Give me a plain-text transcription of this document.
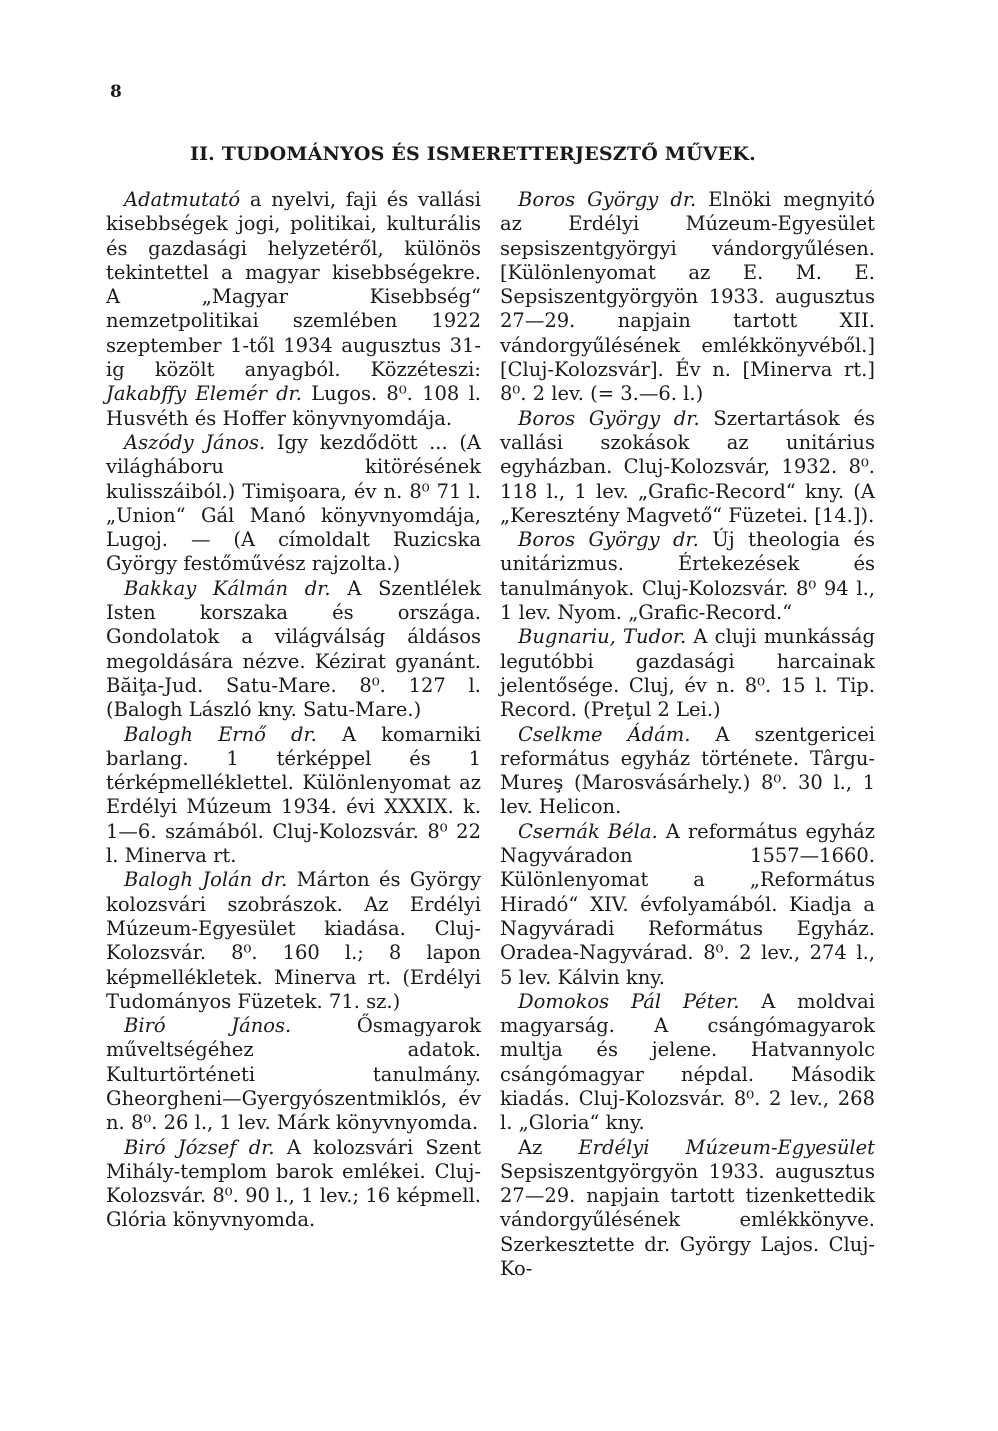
8
II. TUDOMÁNYOS ÉS ISMERETTERJESZTŐ MŰVEK.

Adatmutató a nyelvi, faji és vallási kisebbségek jogi, politikai, kulturális és gazdasági helyzetéről, különös tekintettel a magyar kisebbségekre. A „Magyar Kisebbség“ nemzetpolitikai szemlében 1922 szeptember 1-től 1934 augusztus 31-ig közölt anyagból. Közzéteszi: Jakabffy Elemér dr. Lugos. 8⁰. 108 l. Husvéth és Hoffer könyvnyomdája.

Aszódy János. Igy kezdődött ... (A világháboru kitörésének kulisszáiból.) Timişoara, év n. 8⁰ 71 l. „Union“ Gál Manó könyvnyomdája, Lugoj. — (A címoldalt Ruzicska György festőművész rajzolta.)

Bakkay Kálmán dr. A Szentlélek Isten korszaka és országa. Gondolatok a világválság áldásos megoldására nézve. Kézirat gyanánt. Băiţa-Jud. Satu-Mare. 8⁰. 127 l. (Balogh László kny. Satu-Mare.)

Balogh Ernő dr. A komarniki barlang. 1 térképpel és 1 térképmelléklettel. Különlenyomat az Erdélyi Múzeum 1934. évi XXXIX. k. 1—6. számából. Cluj-Kolozsvár. 8⁰ 22 l. Minerva rt.

Balogh Jolán dr. Márton és György kolozsvári szobrászok. Az Erdélyi Múzeum-Egyesület kiadása. Cluj-Kolozsvár. 8⁰. 160 l.; 8 lapon képmellékletek. Minerva rt. (Erdélyi Tudományos Füzetek. 71. sz.)

Biró János. Ősmagyarok műveltségéhez adatok. Kulturtörténeti tanulmány. Gheorgheni—Gyergyószentmiklós, év n. 8⁰. 26 l., 1 lev. Márk könyvnyomda.

Biró József dr. A kolozsvári Szent Mihály-templom barok emlékei. Cluj-Kolozsvár. 8⁰. 90 l., 1 lev.; 16 képmell. Glória könyvnyomda.

Boros György dr. Elnöki megnyitó az Erdélyi Múzeum-Egyesület sepsiszentgyörgyi vándorgyűlésen. [Különlenyomat az E. M. E. Sepsiszentgyörgyön 1933. augusztus 27—29. napjain tartott XII. vándorgyűlésének emlékkönyvéből.] [Cluj-Kolozsvár]. Év n. [Minerva rt.] 8⁰. 2 lev. (= 3.—6. l.)

Boros György dr. Szertartások és vallási szokások az unitárius egyházban. Cluj-Kolozsvár, 1932. 8⁰. 118 l., 1 lev. „Grafic-Record“ kny. (A „Keresztény Magvető“ Füzetei. [14.]).

Boros György dr. Új theologia és unitárizmus. Értekezések és tanulmányok. Cluj-Kolozsvár. 8⁰ 94 l., 1 lev. Nyom. „Grafic-Record.“

Bugnariu, Tudor. A cluji munkásság legutóbbi gazdasági harcainak jelentősége. Cluj, év n. 8⁰. 15 l. Tip. Record. (Preţul 2 Lei.)

Cselkme Ádám. A szentgericei református egyház története. Târgu-Mureş (Marosvásárhely.) 8⁰. 30 l., 1 lev. Helicon.

Csernák Béla. A református egyház Nagyváradon 1557—1660. Különlenyomat a „Református Hiradó“ XIV. évfolyamából. Kiadja a Nagyváradi Református Egyház. Oradea-Nagyvárad. 8⁰. 2 lev., 274 l., 5 lev. Kálvin kny.

Domokos Pál Péter. A moldvai magyarság. A csángómagyarok multja és jelene. Hatvannyolc csángómagyar népdal. Második kiadás. Cluj-Kolozsvár. 8⁰. 2 lev., 268 l. „Gloria“ kny.

Az Erdélyi Múzeum-Egyesület Sepsiszentgyörgyön 1933. augusztus 27—29. napjain tartott tizenkettedik vándorgyűlésének emlékkönyve. Szerkesztette dr. György Lajos. Cluj-Ko-
